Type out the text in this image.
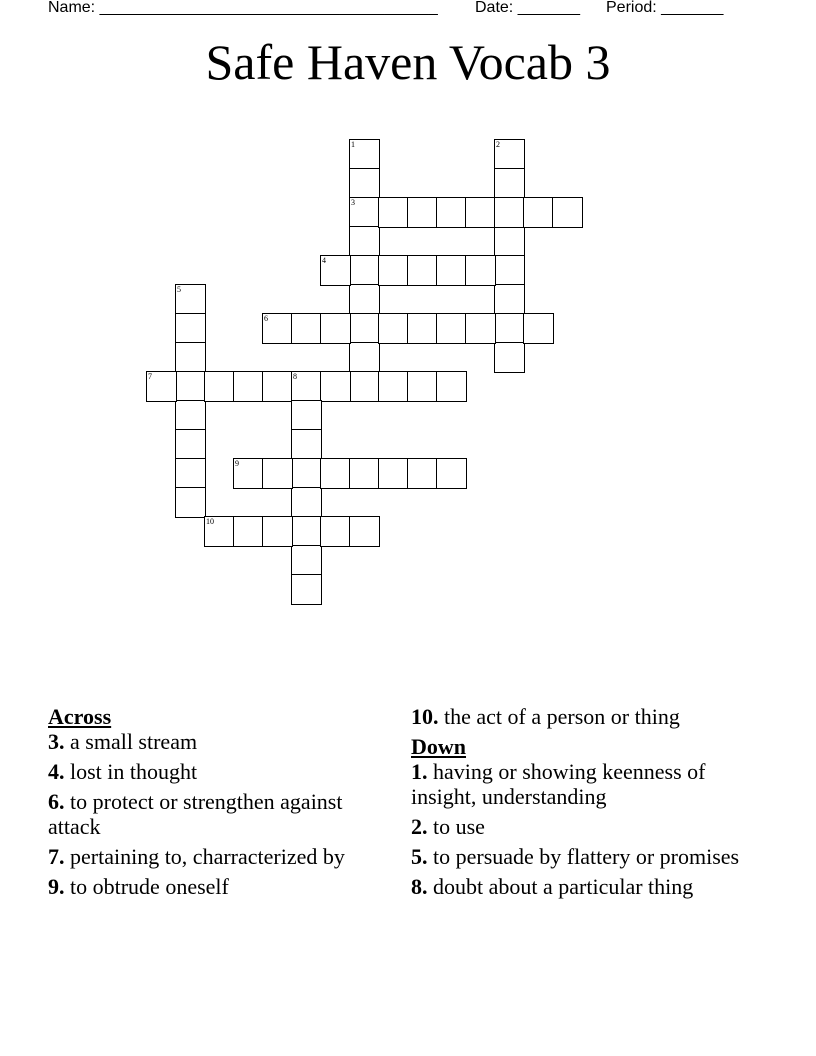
Name: ______________________________________ Date: _______ Period: _______
Safe Haven Vocab 3
1
3
2
4
5
6
7	8
9
10

Across

3. a small stream

4. lost in thought

6. to protect or strengthen against attack

7. pertaining to, charracterized by

9. to obtrude oneself

10. the act of a person or thing

Down

1. having or showing keenness of insight, understanding

2. to use

5. to persuade by flattery or promises

8. doubt about a particular thing
